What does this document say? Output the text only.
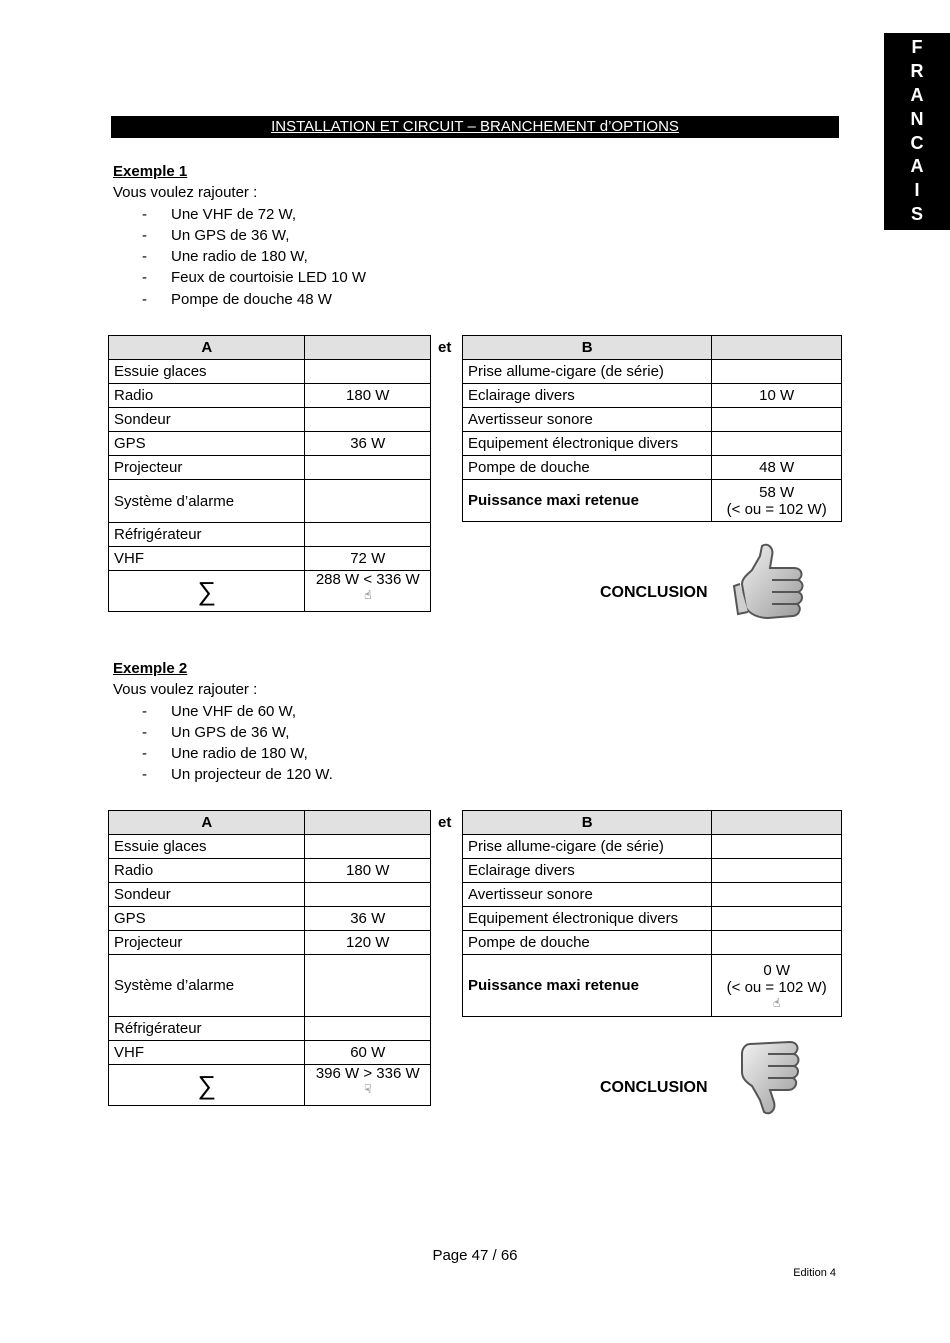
F
R
A
N
C
A
I
S
INSTALLATION ET CIRCUIT – BRANCHEMENT d’OPTIONS
Exemple 1
Vous voulez rajouter :
- Une VHF de 72 W,
- Un GPS de 36 W,
- Une radio de 180 W,
- Feux de courtoisie LED 10 W
- Pompe de douche 48 W
A	
Essuie glaces	
Radio	180 W
Sondeur	
GPS	36 W
Projecteur	
Système d’alarme	
Réfrigérateur	
VHF	72 W
∑	288 W < 336 W
☝
et	B	
Prise allume-cigare (de série)	
Eclairage divers	10 W
Avertisseur sonore	
Equipement électronique divers	
Pompe de douche	48 W
Puissance maxi retenue	58 W
(< ou = 102 W)
CONCLUSION
Exemple 2
Vous voulez rajouter :
- Une VHF de 60 W,
- Un GPS de 36 W,
- Une radio de 180 W,
- Un projecteur de 120 W.
A	
Essuie glaces	
Radio	180 W
Sondeur	
GPS	36 W
Projecteur	120 W
Système d’alarme	
Réfrigérateur	
VHF	60 W
∑	396 W > 336 W
☟
et	B	
Prise allume-cigare (de série)	
Eclairage divers	
Avertisseur sonore	
Equipement électronique divers	
Pompe de douche	
Puissance maxi retenue	0 W
(< ou = 102 W)
☝
CONCLUSION
Page 47 / 66
Edition 4
